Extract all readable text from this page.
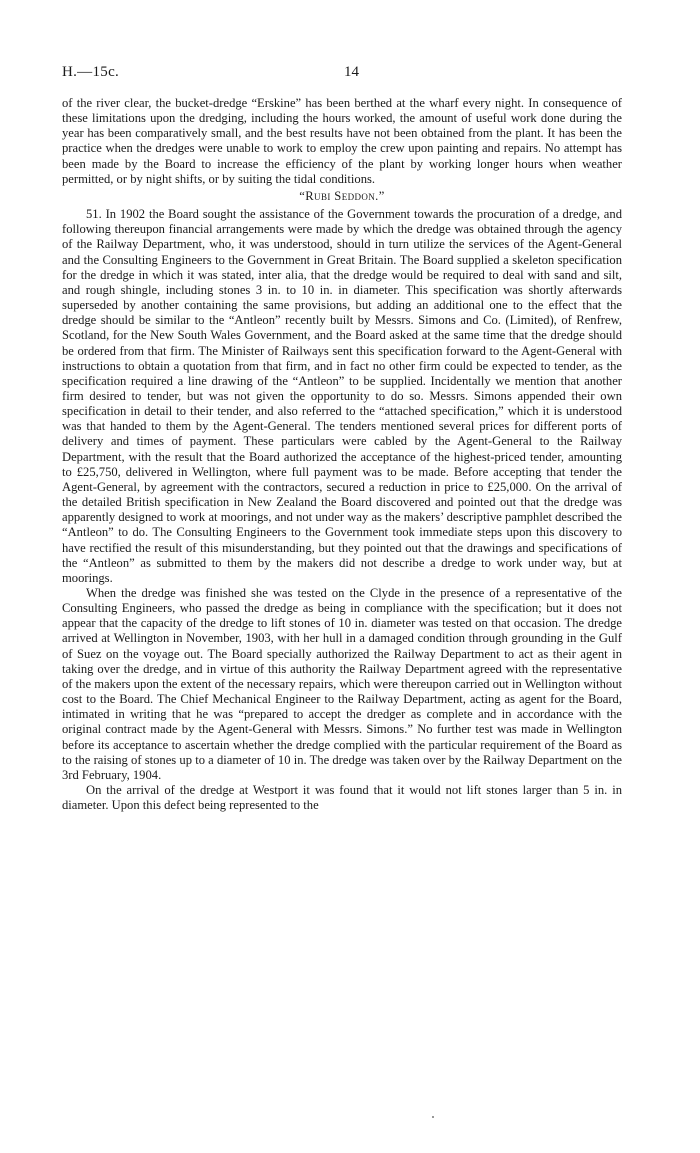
H.—15c.	14

of the river clear, the bucket-dredge “Erskine” has been berthed at the wharf every night. In consequence of these limitations upon the dredging, including the hours worked, the amount of useful work done during the year has been comparatively small, and the best results have not been obtained from the plant. It has been the practice when the dredges were unable to work to employ the crew upon painting and repairs. No attempt has been made by the Board to increase the efficiency of the plant by working longer hours when weather permitted, or by night shifts, or by suiting the tidal conditions.

“Rubi Seddon.”

51. In 1902 the Board sought the assistance of the Government towards the procuration of a dredge, and following thereupon financial arrangements were made by which the dredge was obtained through the agency of the Railway Department, who, it was understood, should in turn utilize the services of the Agent-General and the Consulting Engineers to the Government in Great Britain. The Board supplied a skeleton specification for the dredge in which it was stated, inter alia, that the dredge would be required to deal with sand and silt, and rough shingle, including stones 3 in. to 10 in. in diameter. This specification was shortly afterwards superseded by another containing the same provisions, but adding an additional one to the effect that the dredge should be similar to the “Antleon” recently built by Messrs. Simons and Co. (Limited), of Renfrew, Scotland, for the New South Wales Government, and the Board asked at the same time that the dredge should be ordered from that firm. The Minister of Railways sent this specification forward to the Agent-General with instructions to obtain a quotation from that firm, and in fact no other firm could be expected to tender, as the specification required a line drawing of the “Antleon” to be supplied. Incidentally we mention that another firm desired to tender, but was not given the opportunity to do so. Messrs. Simons appended their own specification in detail to their tender, and also referred to the “attached specification,” which it is understood was that handed to them by the Agent-General. The tenders mentioned several prices for different ports of delivery and times of payment. These particulars were cabled by the Agent-General to the Railway Department, with the result that the Board authorized the acceptance of the highest-priced tender, amounting to £25,750, delivered in Wellington, where full payment was to be made. Before accepting that tender the Agent-General, by agreement with the contractors, secured a reduction in price to £25,000. On the arrival of the detailed British specification in New Zealand the Board discovered and pointed out that the dredge was apparently designed to work at moorings, and not under way as the makers’ descriptive pamphlet described the “Antleon” to do. The Consulting Engineers to the Government took immediate steps upon this discovery to have rectified the result of this misunderstanding, but they pointed out that the drawings and specifications of the “Antleon” as submitted to them by the makers did not describe a dredge to work under way, but at moorings.

When the dredge was finished she was tested on the Clyde in the presence of a representative of the Consulting Engineers, who passed the dredge as being in compliance with the specification; but it does not appear that the capacity of the dredge to lift stones of 10 in. diameter was tested on that occasion. The dredge arrived at Wellington in November, 1903, with her hull in a damaged condition through grounding in the Gulf of Suez on the voyage out. The Board specially authorized the Railway Department to act as their agent in taking over the dredge, and in virtue of this authority the Railway Department agreed with the representative of the makers upon the extent of the necessary repairs, which were thereupon carried out in Wellington without cost to the Board. The Chief Mechanical Engineer to the Railway Department, acting as agent for the Board, intimated in writing that he was “prepared to accept the dredger as complete and in accordance with the original contract made by the Agent-General with Messrs. Simons.” No further test was made in Wellington before its acceptance to ascertain whether the dredge complied with the particular requirement of the Board as to the raising of stones up to a diameter of 10 in. The dredge was taken over by the Railway Department on the 3rd February, 1904.

On the arrival of the dredge at Westport it was found that it would not lift stones larger than 5 in. in diameter. Upon this defect being represented to the
